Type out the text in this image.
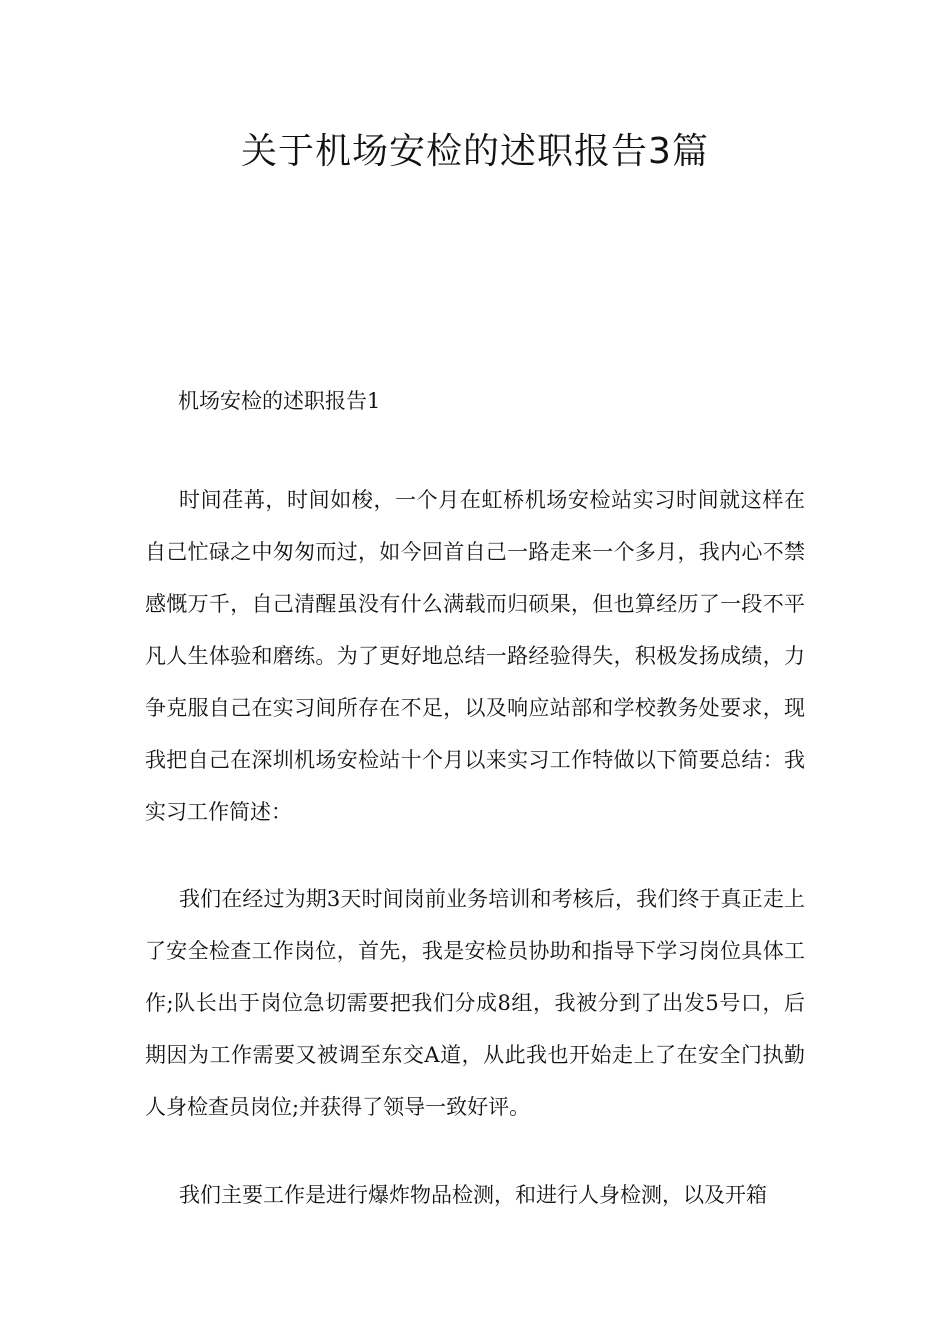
关于机场安检的述职报告3篇
机场安检的述职报告1

时间荏苒，时间如梭，一个月在虹桥机场安检站实习时间就这样在自己忙碌之中匆匆而过，如今回首自己一路走来一个多月，我内心不禁感慨万千，自己清醒虽没有什么满载而归硕果，但也算经历了一段不平凡人生体验和磨练。为了更好地总结一路经验得失，积极发扬成绩，力争克服自己在实习间所存在不足，以及响应站部和学校教务处要求，现我把自己在深圳机场安检站十个月以来实习工作特做以下简要总结：我实习工作简述：

我们在经过为期3天时间岗前业务培训和考核后，我们终于真正走上了安全检查工作岗位，首先，我是安检员协助和指导下学习岗位具体工作;队长出于岗位急切需要把我们分成8组，我被分到了出发5号口，后期因为工作需要又被调至东交A道，从此我也开始走上了在安全门执勤人身检查员岗位;并获得了领导一致好评。

我们主要工作是进行爆炸物品检测，和进行人身检测，以及开箱
